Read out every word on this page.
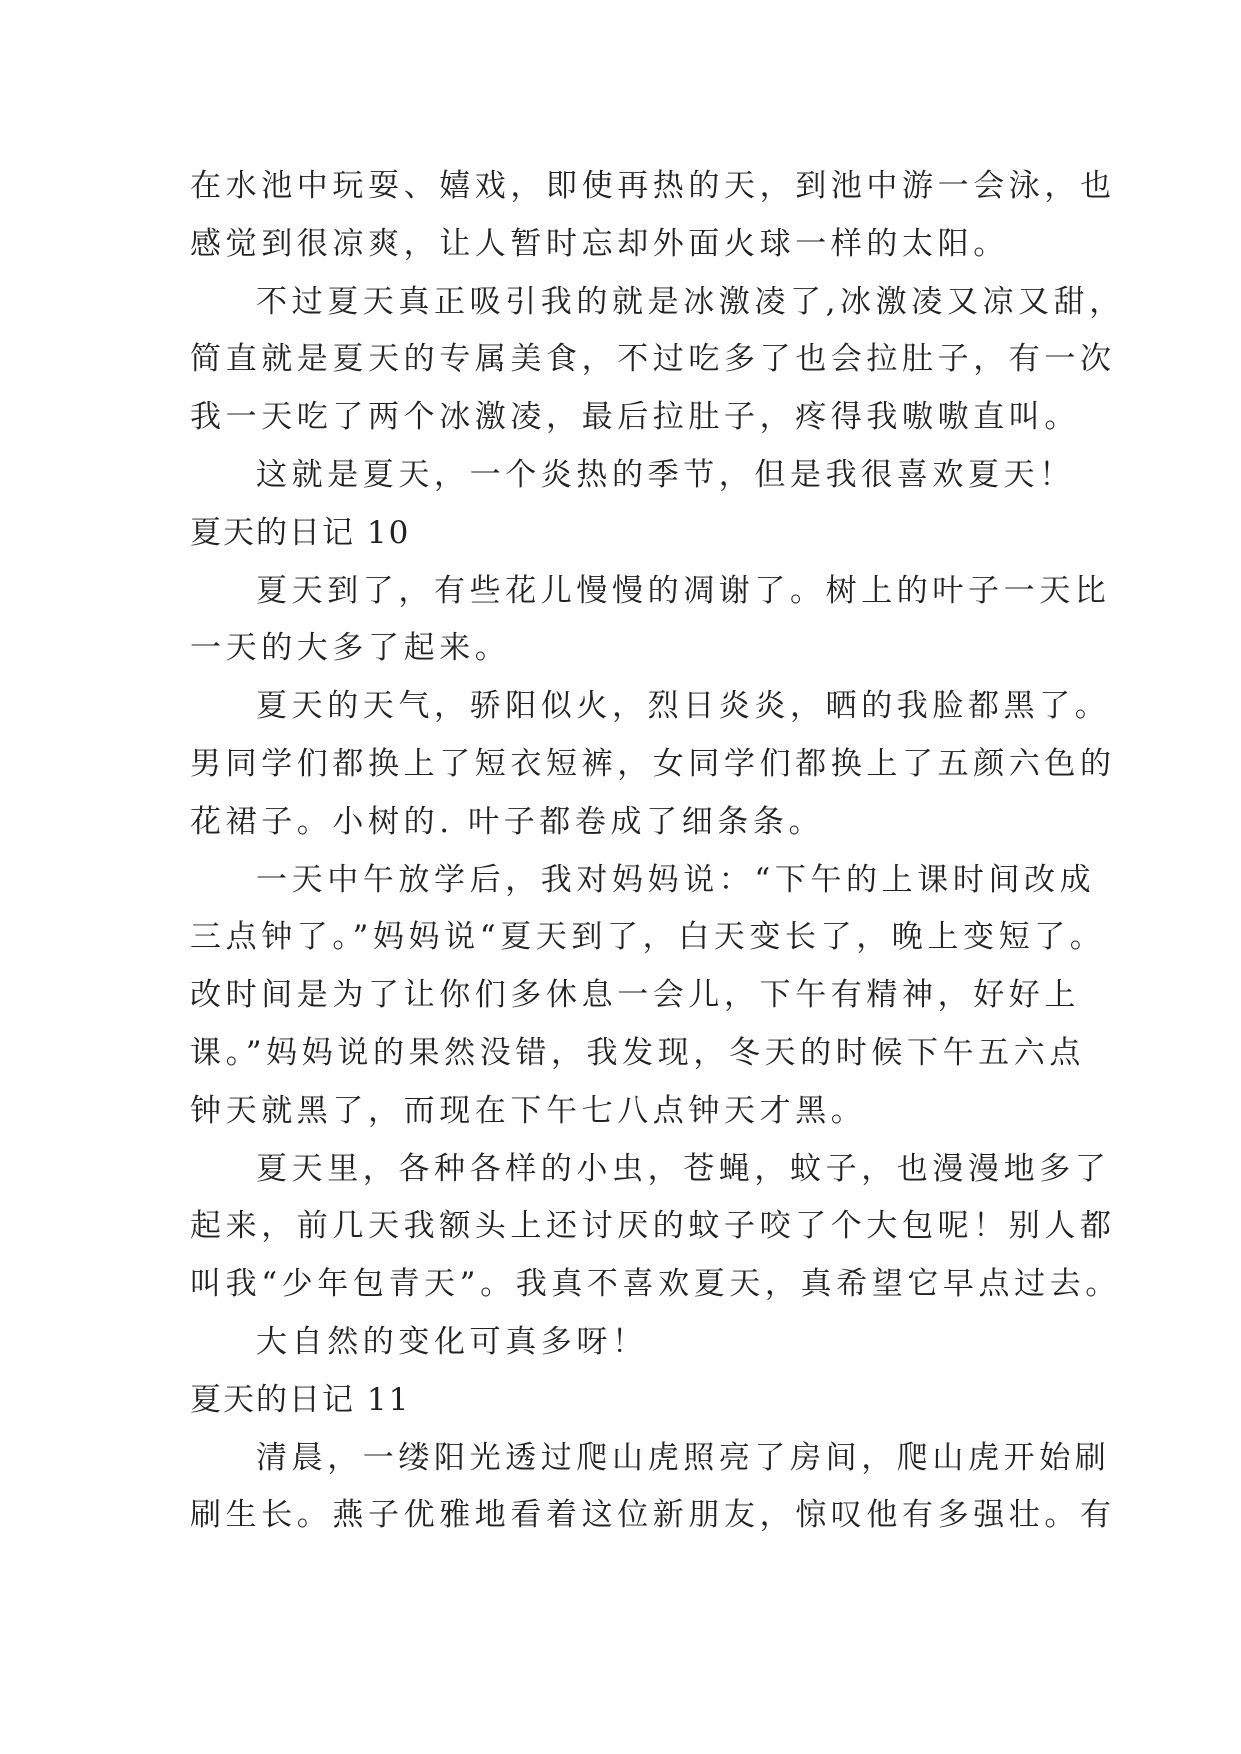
在水池中玩耍、嬉戏，即使再热的天，到池中游一会泳，也
感觉到很凉爽，让人暂时忘却外面火球一样的太阳。
不过夏天真正吸引我的就是冰激凌了,冰激凌又凉又甜，
简直就是夏天的专属美食，不过吃多了也会拉肚子，有一次
我一天吃了两个冰激凌，最后拉肚子，疼得我嗷嗷直叫。
这就是夏天，一个炎热的季节，但是我很喜欢夏天！
夏天的日记 10
夏天到了，有些花儿慢慢的凋谢了。树上的叶子一天比
一天的大多了起来。
夏天的天气，骄阳似火，烈日炎炎，晒的我脸都黑了。
男同学们都换上了短衣短裤，女同学们都换上了五颜六色的
花裙子。小树的. 叶子都卷成了细条条。
一天中午放学后，我对妈妈说：“下午的上课时间改成
三点钟了。”妈妈说“夏天到了，白天变长了，晚上变短了。
改时间是为了让你们多休息一会儿，下午有精神，好好上
课。”妈妈说的果然没错，我发现，冬天的时候下午五六点
钟天就黑了，而现在下午七八点钟天才黑。
夏天里，各种各样的小虫，苍蝇，蚊子，也漫漫地多了
起来，前几天我额头上还讨厌的蚊子咬了个大包呢！别人都
叫我“少年包青天”。我真不喜欢夏天，真希望它早点过去。
大自然的变化可真多呀！
夏天的日记 11
清晨，一缕阳光透过爬山虎照亮了房间，爬山虎开始刷
刷生长。燕子优雅地看着这位新朋友，惊叹他有多强壮。有
